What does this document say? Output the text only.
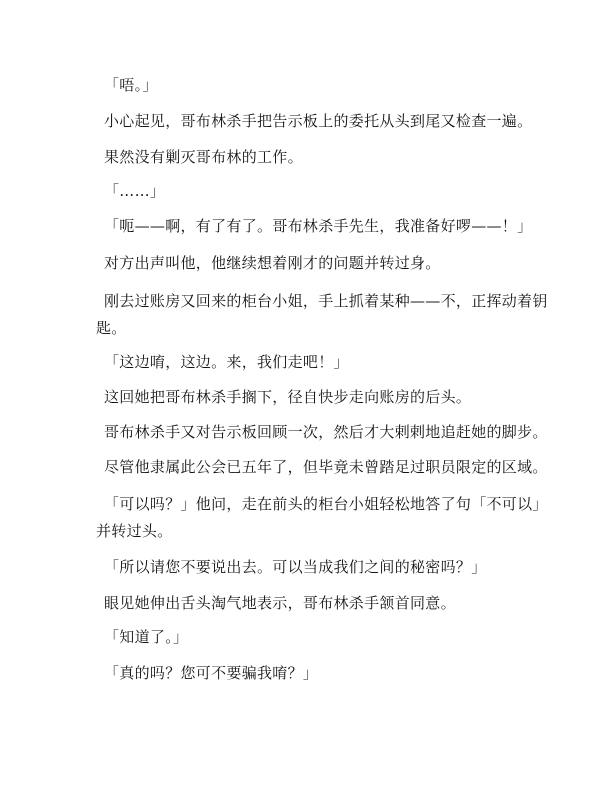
「唔。」

小心起见，哥布林杀手把告示板上的委托从头到尾又检查一遍。

果然没有剿灭哥布林的工作。

「……」

「呃——啊，有了有了。哥布林杀手先生，我准备好啰——！」

对方出声叫他，他继续想着刚才的问题并转过身。

刚去过账房又回来的柜台小姐，手上抓着某种——不，正挥动着钥

匙。

「这边唷，这边。来，我们走吧！」

这回她把哥布林杀手搁下，径自快步走向账房的后头。

哥布林杀手又对告示板回顾一次，然后才大剌剌地追赶她的脚步。

尽管他隶属此公会已五年了，但毕竟未曾踏足过职员限定的区域。

「可以吗？」他问，走在前头的柜台小姐轻松地答了句「不可以」

并转过头。

「所以请您不要说出去。可以当成我们之间的秘密吗？」

眼见她伸出舌头淘气地表示，哥布林杀手颔首同意。

「知道了。」

「真的吗？您可不要骗我唷？」
